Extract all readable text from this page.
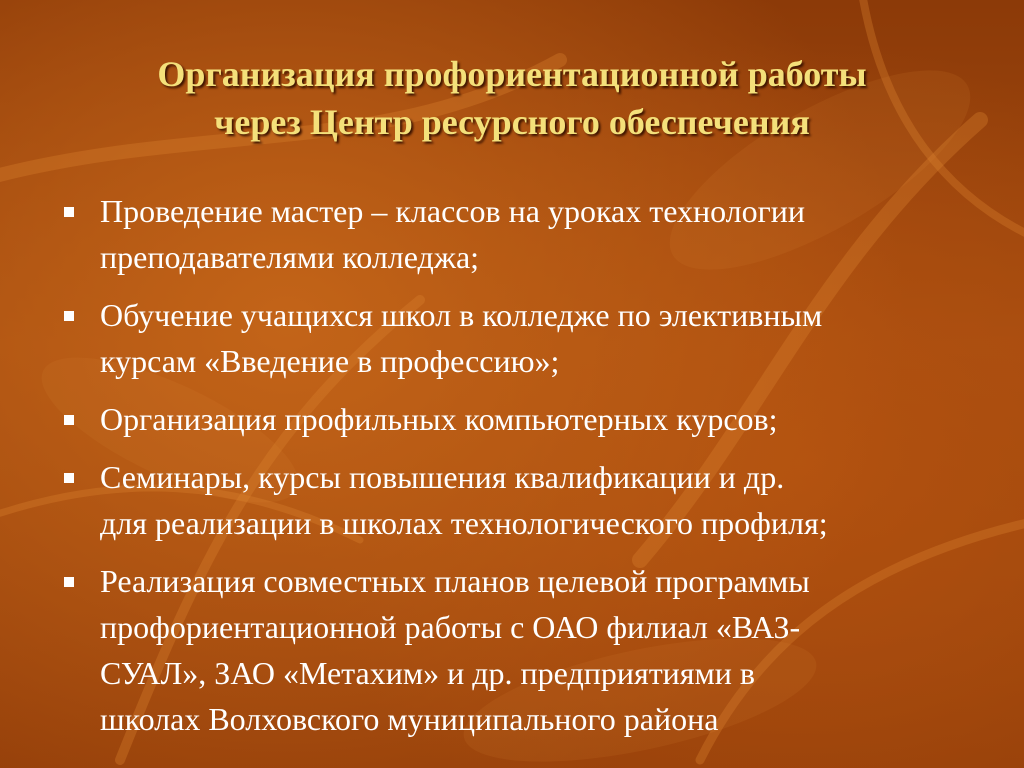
Организация профориентационной работы
через Центр ресурсного обеспечения
Проведение мастер – классов на уроках технологии
преподавателями колледжа;
Обучение учащихся школ в колледже по элективным
курсам «Введение в профессию»;
Организация профильных компьютерных курсов;
Семинары, курсы повышения квалификации и др.
для реализации в школах технологического профиля;
Реализация совместных планов целевой программы
профориентационной работы с ОАО филиал «ВАЗ-
СУАЛ», ЗАО «Метахим» и др. предприятиями в
школах Волховского муниципального района
